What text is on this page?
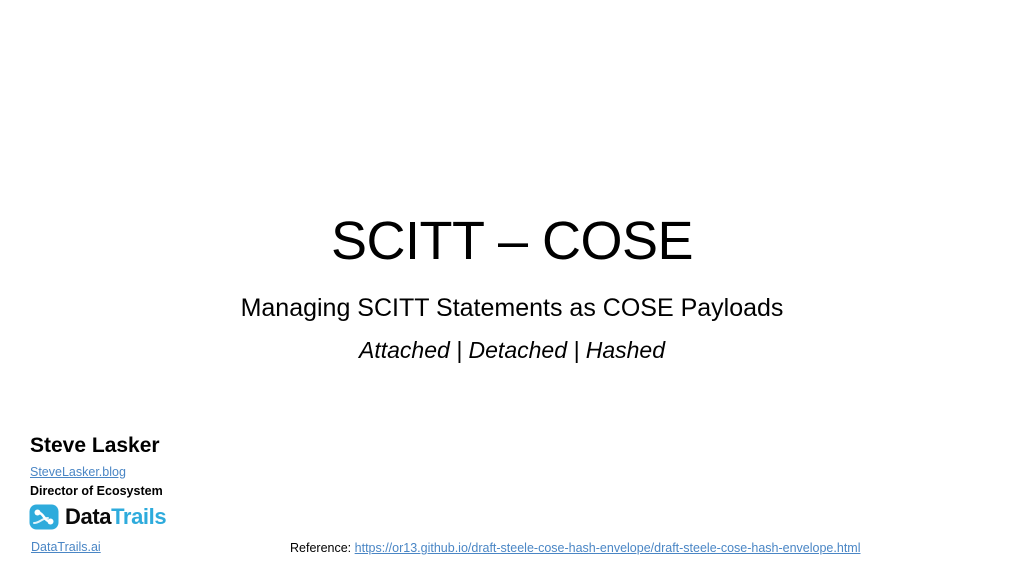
SCITT – COSE

Managing SCITT Statements as COSE Payloads

Attached | Detached | Hashed

Steve Lasker
SteveLasker.blog
Director of Ecosystem
DataTrails
DataTrails.ai	Reference: https://or13.github.io/draft-steele-cose-hash-envelope/draft-steele-cose-hash-envelope.html
